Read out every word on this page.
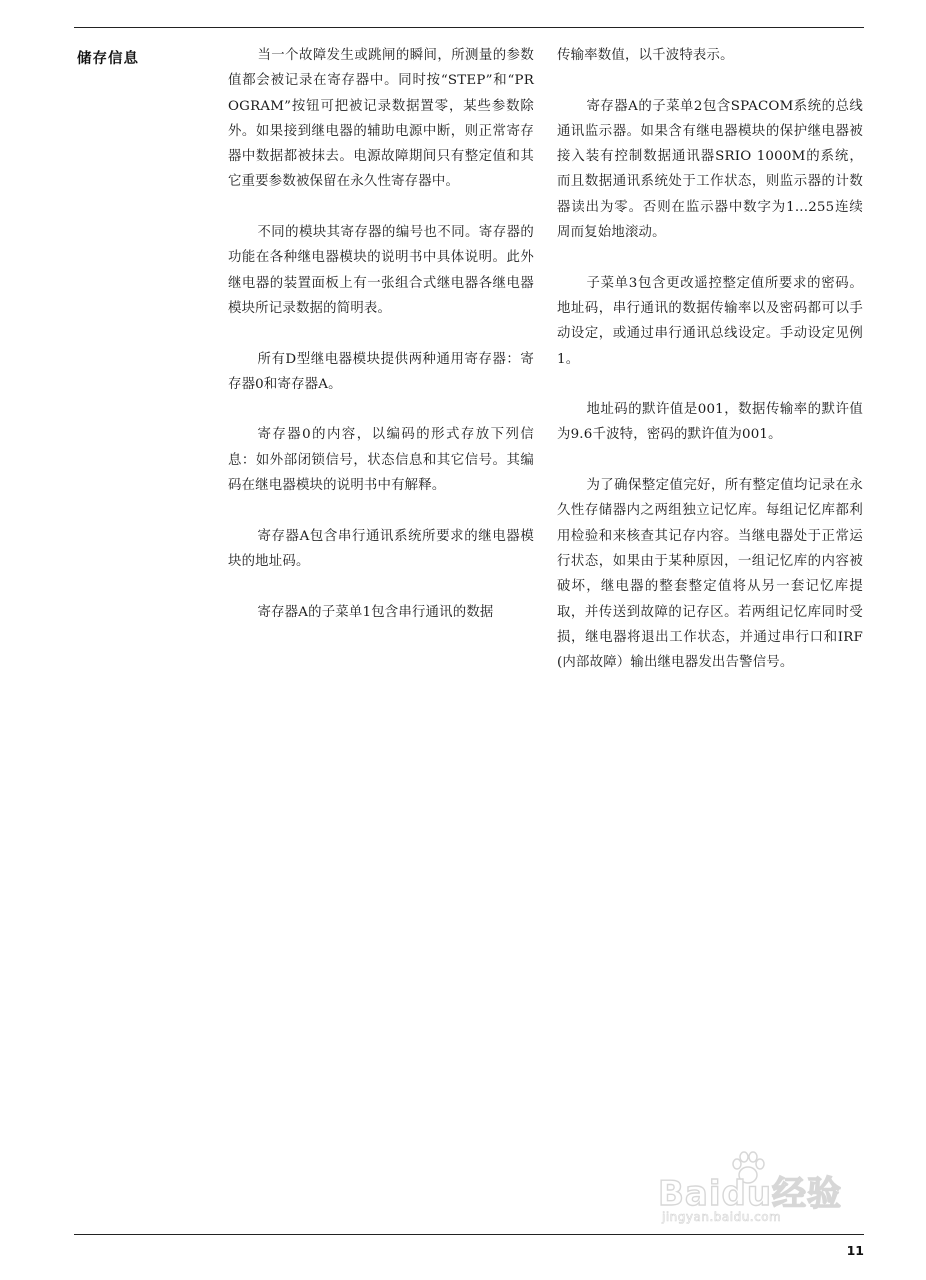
储存信息	当一个故障发生或跳闸的瞬间，所测量的参数值都会被记录在寄存器中。同时按“STEP”和“PROGRAM”按钮可把被记录数据置零，某些参数除外。如果接到继电器的辅助电源中断，则正常寄存器中数据都被抹去。电源故障期间只有整定值和其它重要参数被保留在永久性寄存器中。

不同的模块其寄存器的编号也不同。寄存器的功能在各种继电器模块的说明书中具体说明。此外继电器的装置面板上有一张组合式继电器各继电器模块所记录数据的简明表。

所有D型继电器模块提供两种通用寄存器：寄存器0和寄存器A。

寄存器0的内容，以编码的形式存放下列信息：如外部闭锁信号，状态信息和其它信号。其编码在继电器模块的说明书中有解释。

寄存器A包含串行通讯系统所要求的继电器模块的地址码。

寄存器A的子菜单1包含串行通讯的数据

传输率数值，以千波特表示。

寄存器A的子菜单2包含SPACOM系统的总线通讯监示器。如果含有继电器模块的保护继电器被接入装有控制数据通讯器SRIO 1000M的系统，而且数据通讯系统处于工作状态，则监示器的计数器读出为零。否则在监示器中数字为1...255连续周而复始地滚动。

子菜单3包含更改遥控整定值所要求的密码。地址码，串行通讯的数据传输率以及密码都可以手动设定，或通过串行通讯总线设定。手动设定见例1。

地址码的默许值是001，数据传输率的默许值为9.6千波特，密码的默许值为001。

为了确保整定值完好，所有整定值均记录在永久性存储器内之两组独立记忆库。每组记忆库都利用检验和来核查其记存内容。当继电器处于正常运行状态，如果由于某种原因，一组记忆库的内容被破坏，继电器的整套整定值将从另一套记忆库提取，并传送到故障的记存区。若两组记忆库同时受损，继电器将退出工作状态，并通过串行口和IRF(内部故障）输出继电器发出告警信号。

Baidu经验
jingyan.baidu.com
11
